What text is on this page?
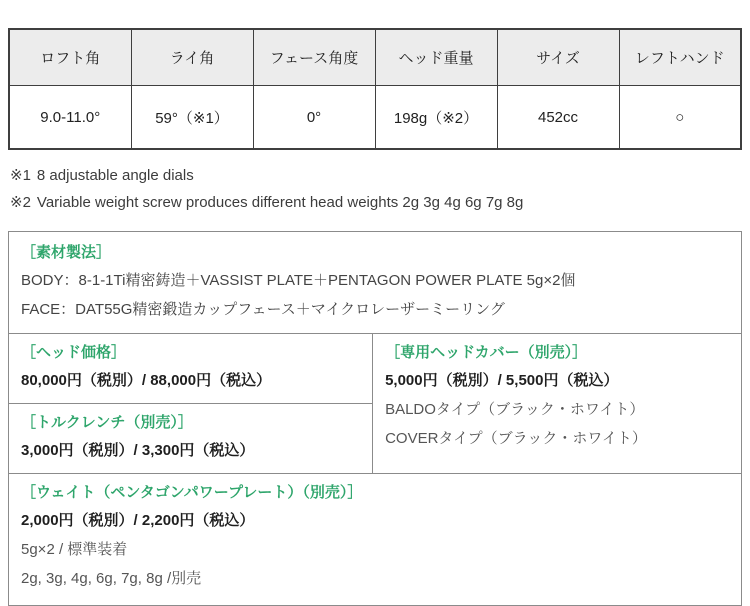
ロフト角	ライ角	フェース角度	ヘッド重量	サイズ	レフトハンド
9.0-11.0°	59°（※1）	0°	198g（※2）	452cc	○
※1 8 adjustable angle dials
※2 Variable weight screw produces different head weights 2g 3g 4g 6g 7g 8g
［素材製法］
BODY：8-1-1Ti精密鋳造＋VASSIST PLATE＋PENTAGON POWER PLATE 5g×2個
FACE：DAT55G精密鍛造カップフェース＋マイクロレーザーミーリング
［ヘッド価格］
80,000円（税別）/ 88,000円（税込）
［トルクレンチ（別売）］
3,000円（税別）/ 3,300円（税込）
［専用ヘッドカバー（別売）］
5,000円（税別）/ 5,500円（税込）
BALDOタイプ（ブラック・ホワイト）
COVERタイプ（ブラック・ホワイト）
［ウェイト（ペンタゴンパワープレート）（別売）］
2,000円（税別）/ 2,200円（税込）
5g×2 / 標準装着
2g, 3g, 4g, 6g, 7g, 8g /別売
